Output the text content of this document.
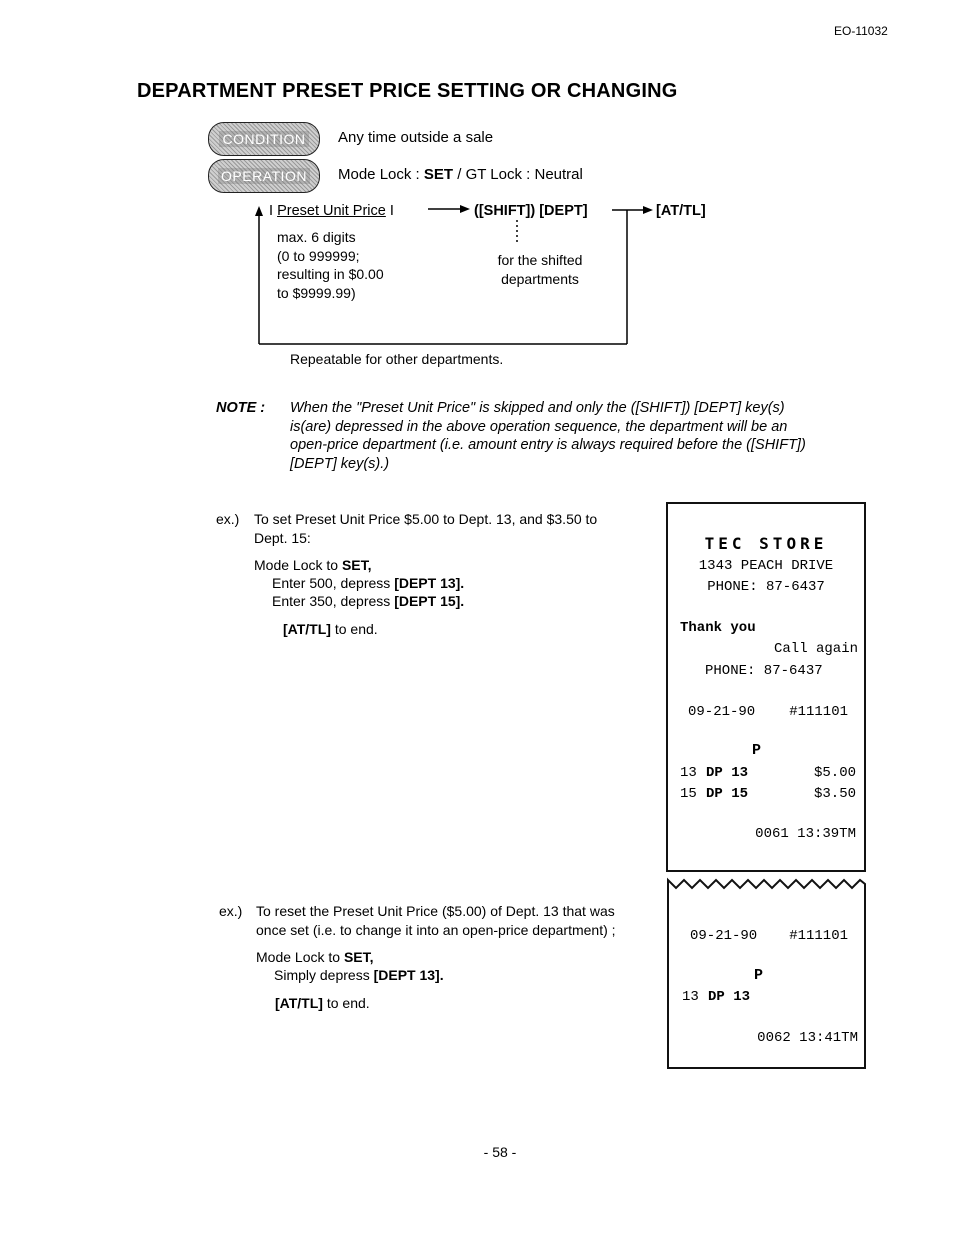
EO-11032
DEPARTMENT PRESET PRICE SETTING OR CHANGING
CONDITION Any time outside a sale
OPERATION Mode Lock : SET / GT Lock : Neutral
I Preset Unit Price I	([SHIFT]) [DEPT]	[AT/TL]
max. 6 digits
(0 to 999999;
resulting in $0.00
to $9999.99)
for the shifted
departments
Repeatable for other departments.
NOTE : When the "Preset Unit Price" is skipped and only the ([SHIFT]) [DEPT] key(s)
is(are) depressed in the above operation sequence, the department will be an
open-price department (i.e. amount entry is always required before the ([SHIFT])
[DEPT] key(s).)
ex.) To set Preset Unit Price $5.00 to Dept. 13, and $3.50 to
Dept. 15:
Mode Lock to SET,
Enter 500, depress [DEPT 13].
Enter 350, depress [DEPT 15].
[AT/TL] to end.
TEC STORE
1343 PEACH DRIVE
PHONE: 87-6437
Thank you
Call again
PHONE: 87-6437
09-21-90 #111101
P
13 DP 13	$5.00
15 DP 15	$3.50
0061 13:39TM
ex.) To reset the Preset Unit Price ($5.00) of Dept. 13 that was
once set (i.e. to change it into an open-price department) ;
Mode Lock to SET,
Simply depress [DEPT 13].
[AT/TL] to end.
09-21-90 #111101
P
13 DP 13
0062 13:41TM
- 58 -
